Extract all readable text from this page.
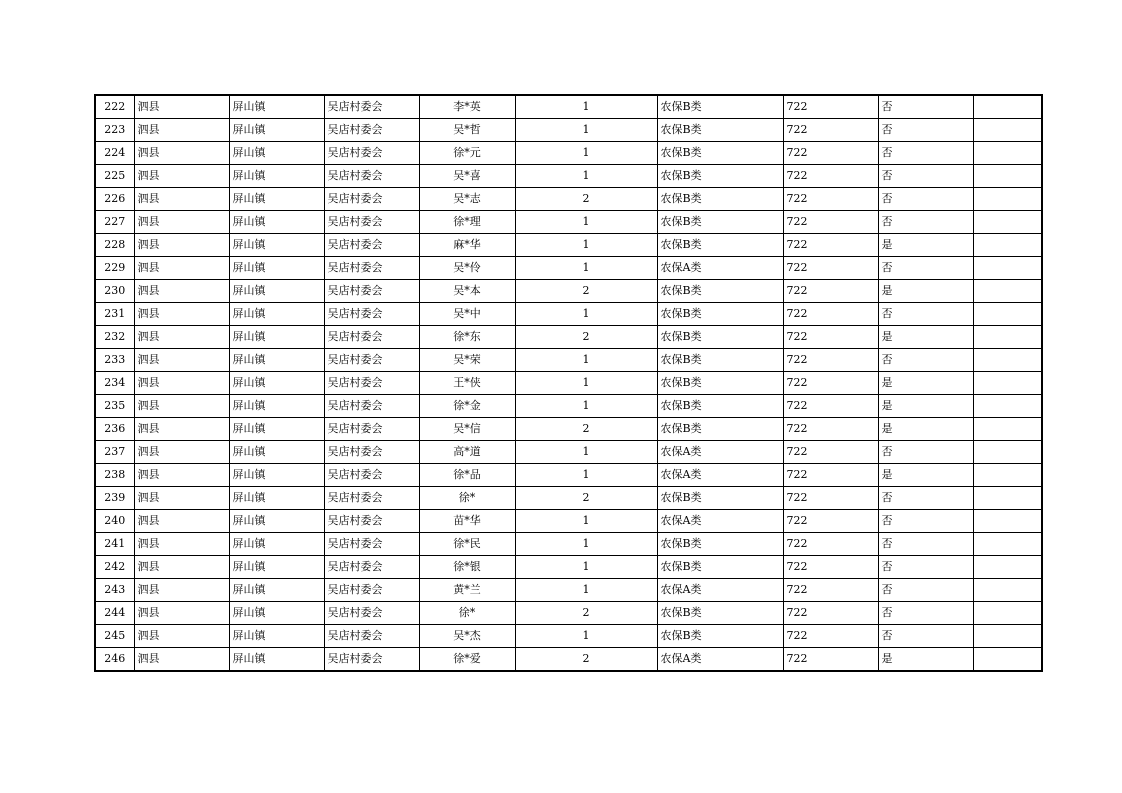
222	泗县	屏山镇	吴店村委会	李*英	1	农保B类	722	否	
223	泗县	屏山镇	吴店村委会	吴*哲	1	农保B类	722	否	
224	泗县	屏山镇	吴店村委会	徐*元	1	农保B类	722	否	
225	泗县	屏山镇	吴店村委会	吴*喜	1	农保B类	722	否	
226	泗县	屏山镇	吴店村委会	吴*志	2	农保B类	722	否	
227	泗县	屏山镇	吴店村委会	徐*理	1	农保B类	722	否	
228	泗县	屏山镇	吴店村委会	麻*华	1	农保B类	722	是	
229	泗县	屏山镇	吴店村委会	吴*伶	1	农保A类	722	否	
230	泗县	屏山镇	吴店村委会	吴*本	2	农保B类	722	是	
231	泗县	屏山镇	吴店村委会	吴*中	1	农保B类	722	否	
232	泗县	屏山镇	吴店村委会	徐*东	2	农保B类	722	是	
233	泗县	屏山镇	吴店村委会	吴*荣	1	农保B类	722	否	
234	泗县	屏山镇	吴店村委会	王*侠	1	农保B类	722	是	
235	泗县	屏山镇	吴店村委会	徐*金	1	农保B类	722	是	
236	泗县	屏山镇	吴店村委会	吴*信	2	农保B类	722	是	
237	泗县	屏山镇	吴店村委会	高*道	1	农保A类	722	否	
238	泗县	屏山镇	吴店村委会	徐*品	1	农保A类	722	是	
239	泗县	屏山镇	吴店村委会	徐*	2	农保B类	722	否	
240	泗县	屏山镇	吴店村委会	苗*华	1	农保A类	722	否	
241	泗县	屏山镇	吴店村委会	徐*民	1	农保B类	722	否	
242	泗县	屏山镇	吴店村委会	徐*银	1	农保B类	722	否	
243	泗县	屏山镇	吴店村委会	黄*兰	1	农保A类	722	否	
244	泗县	屏山镇	吴店村委会	徐*	2	农保B类	722	否	
245	泗县	屏山镇	吴店村委会	吴*杰	1	农保B类	722	否	
246	泗县	屏山镇	吴店村委会	徐*爱	2	农保A类	722	是	
